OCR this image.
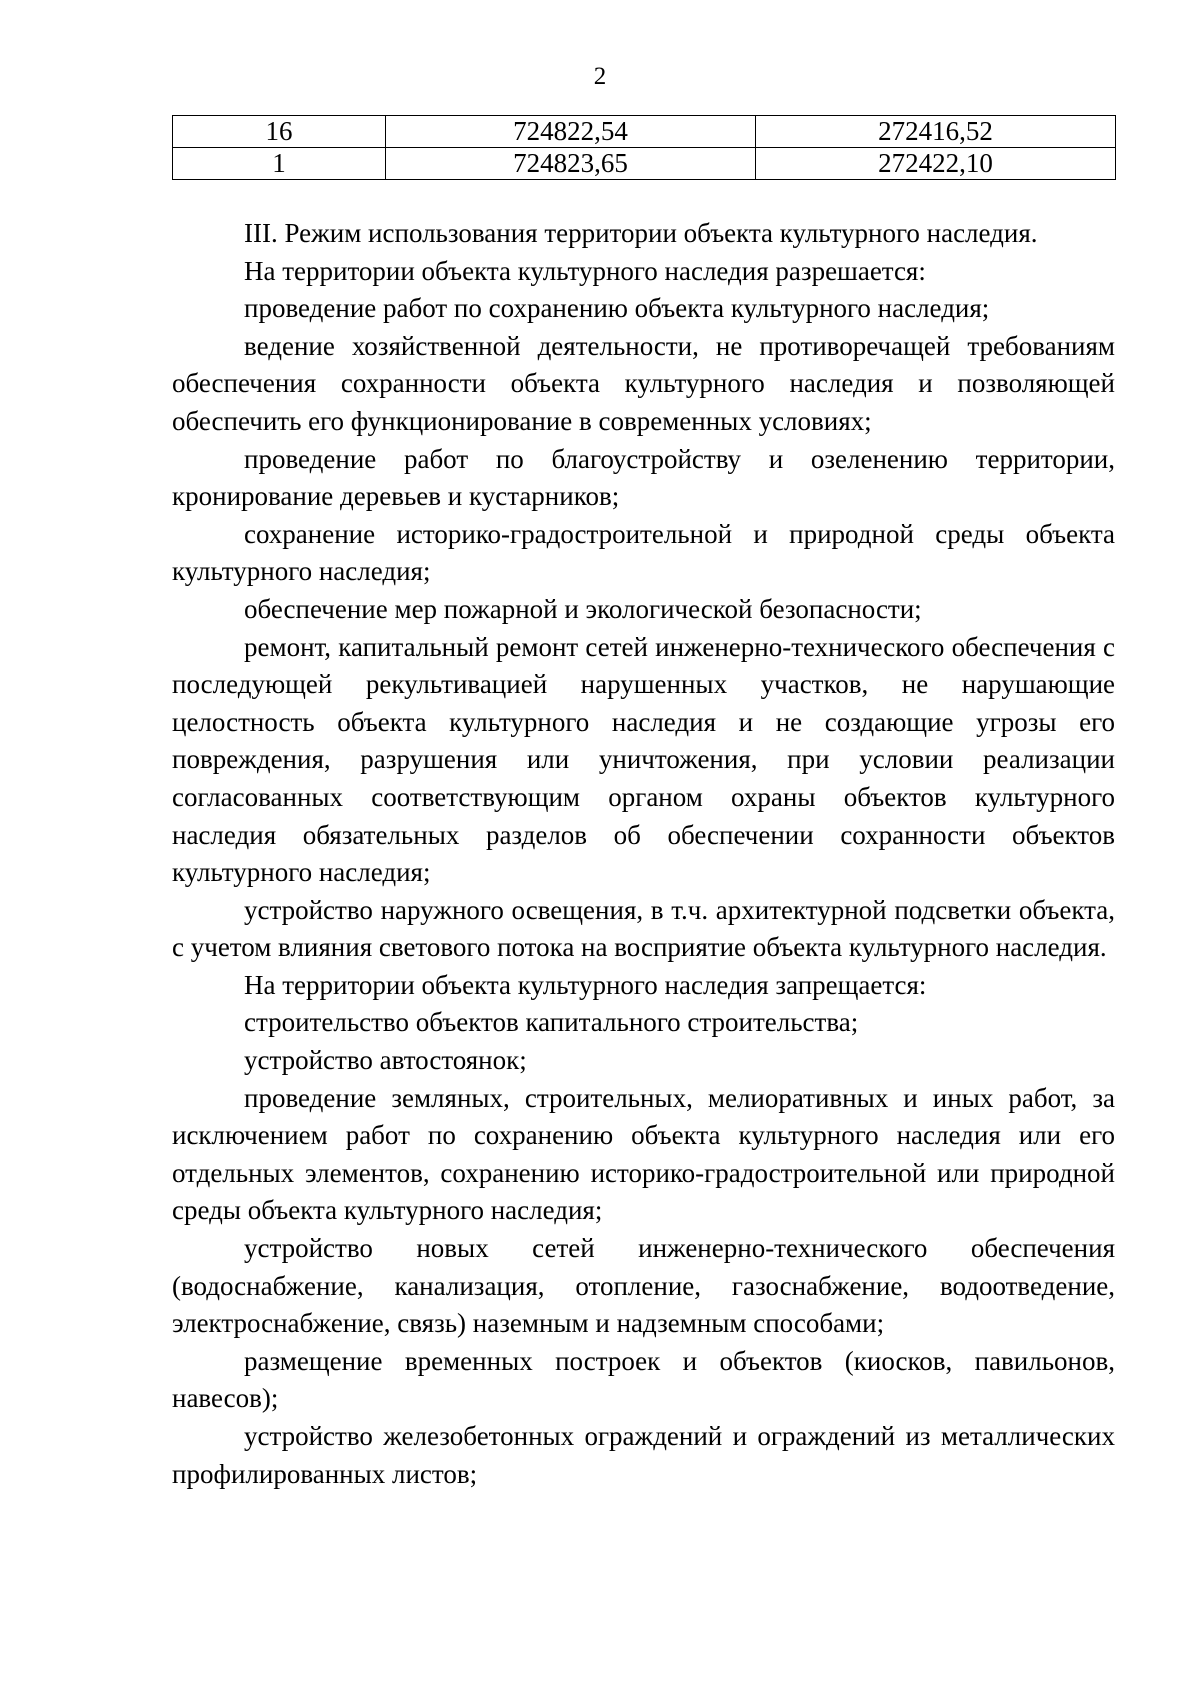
2
16	724822,54	272416,52
1	724823,65	272422,10

III. Режим использования территории объекта культурного наследия.

На территории объекта культурного наследия разрешается:

проведение работ по сохранению объекта культурного наследия;

ведение хозяйственной деятельности, не противоречащей требованиям обеспечения сохранности объекта культурного наследия и позволяющей обеспечить его функционирование в современных условиях;

проведение работ по благоустройству и озеленению территории, кронирование деревьев и кустарников;

сохранение историко-градостроительной и природной среды объекта культурного наследия;

обеспечение мер пожарной и экологической безопасности;

ремонт, капитальный ремонт сетей инженерно-технического обеспечения с последующей рекультивацией нарушенных участков, не нарушающие целостность объекта культурного наследия и не создающие угрозы его повреждения, разрушения или уничтожения, при условии реализации согласованных соответствующим органом охраны объектов культурного наследия обязательных разделов об обеспечении сохранности объектов культурного наследия;

устройство наружного освещения, в т.ч. архитектурной подсветки объекта, с учетом влияния светового потока на восприятие объекта культурного наследия.

На территории объекта культурного наследия запрещается:

строительство объектов капитального строительства;

устройство автостоянок;

проведение земляных, строительных, мелиоративных и иных работ, за исключением работ по сохранению объекта культурного наследия или его отдельных элементов, сохранению историко-градостроительной или природной среды объекта культурного наследия;

устройство новых сетей инженерно-технического обеспечения (водоснабжение, канализация, отопление, газоснабжение, водоотведение, электроснабжение, связь) наземным и надземным способами;

размещение временных построек и объектов (киосков, павильонов, навесов);

устройство железобетонных ограждений и ограждений из металлических профилированных листов;
